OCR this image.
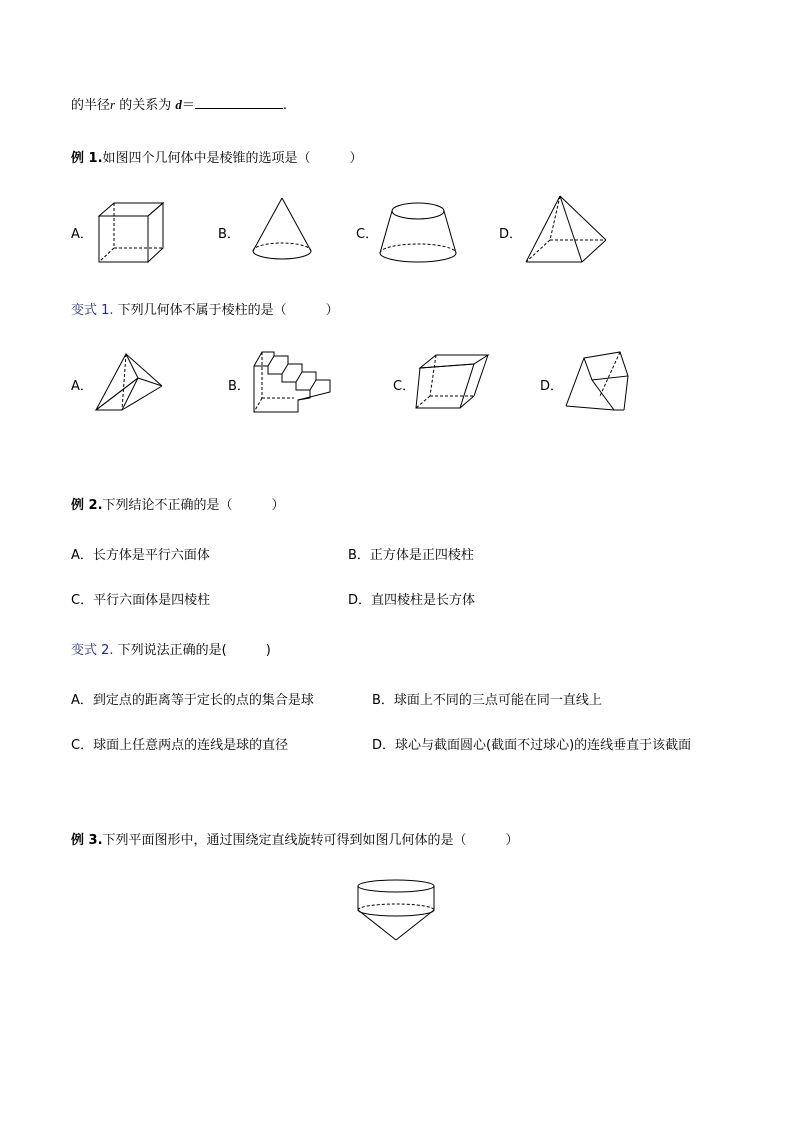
的半径r 的关系为 d＝	.
例 1.如图四个几何体中是棱锥的选项是（　　　）
A．	B．	C．	D．
变式 1. 下列几何体不属于棱柱的是（　　　）
A．	B．	C．	D．
例 2.下列结论不正确的是（　　　）
A．长方体是平行六面体	B．正方体是正四棱柱
C．平行六面体是四棱柱	D．直四棱柱是长方体
变式 2. 下列说法正确的是(　　　)
A．到定点的距离等于定长的点的集合是球	B．球面上不同的三点可能在同一直线上
C．球面上任意两点的连线是球的直径	D．球心与截面圆心(截面不过球心)的连线垂直于该截面
例 3.下列平面图形中，通过围绕定直线旋转可得到如图几何体的是（　　　）
